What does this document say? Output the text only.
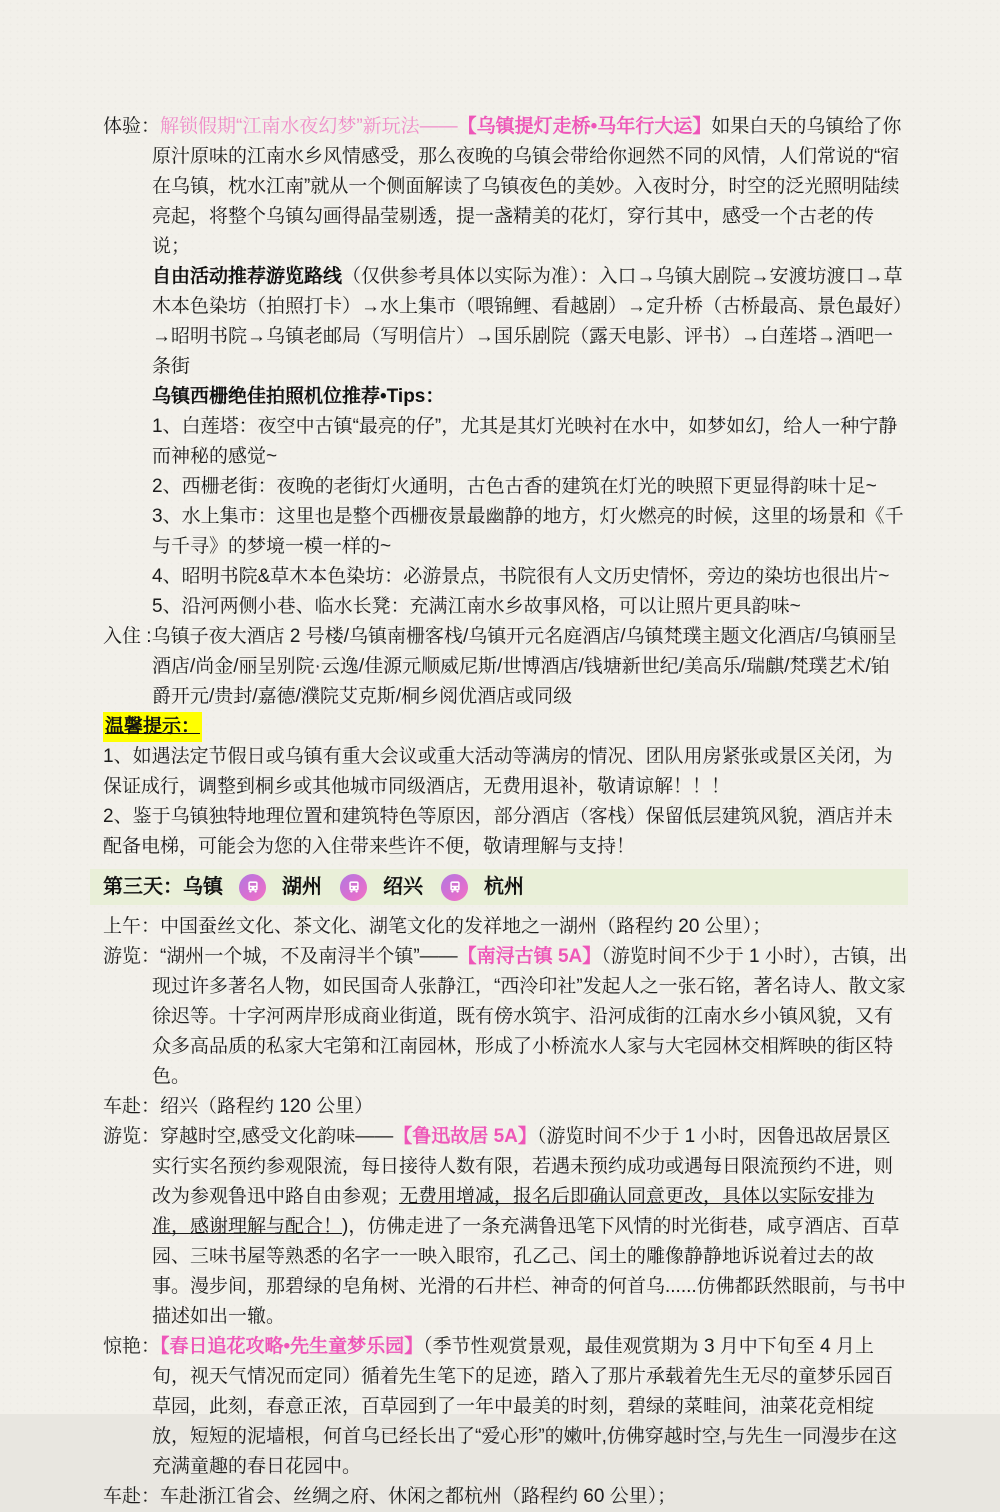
体验：解锁假期“江南水夜幻梦”新玩法——【乌镇提灯走桥•马年行大运】如果白天的乌镇给了你原汁原味的江南水乡风情感受，那么夜晚的乌镇会带给你迥然不同的风情，人们常说的“宿在乌镇，枕水江南”就从一个侧面解读了乌镇夜色的美妙。入夜时分，时空的泛光照明陆续亮起，将整个乌镇勾画得晶莹剔透，提一盏精美的花灯，穿行其中，感受一个古老的传说；

自由活动推荐游览路线（仅供参考具体以实际为准）：入口→乌镇大剧院→安渡坊渡口→草木本色染坊（拍照打卡）→水上集市（喂锦鲤、看越剧）→定升桥（古桥最高、景色最好）→昭明书院→乌镇老邮局（写明信片）→国乐剧院（露天电影、评书）→白莲塔→酒吧一条街

乌镇西栅绝佳拍照机位推荐•Tips：

1、白莲塔：夜空中古镇“最亮的仔”，尤其是其灯光映衬在水中，如梦如幻，给人一种宁静而神秘的感觉~

2、西栅老街：夜晚的老街灯火通明，古色古香的建筑在灯光的映照下更显得韵味十足~

3、水上集市：这里也是整个西栅夜景最幽静的地方，灯火燃亮的时候，这里的场景和《千与千寻》的梦境一模一样的~

4、昭明书院&草木本色染坊：必游景点，书院很有人文历史情怀，旁边的染坊也很出片~

5、沿河两侧小巷、临水长凳：充满江南水乡故事风格，可以让照片更具韵味~

入住 :乌镇子夜大酒店 2 号楼/乌镇南栅客栈/乌镇开元名庭酒店/乌镇梵璞主题文化酒店/乌镇丽呈酒店/尚金/丽呈别院·云逸/佳源元顺威尼斯/世博酒店/钱塘新世纪/美高乐/瑞麒/梵璞艺术/铂爵开元/贵封/嘉德/濮院艾克斯/桐乡阅优酒店或同级

温馨提示：

1、如遇法定节假日或乌镇有重大会议或重大活动等满房的情况、团队用房紧张或景区关闭，为保证成行，调整到桐乡或其他城市同级酒店，无费用退补，敬请谅解！！！

2、鉴于乌镇独特地理位置和建筑特色等原因，部分酒店（客栈）保留低层建筑风貌，酒店并未配备电梯，可能会为您的入住带来些许不便，敬请理解与支持！

第三天：乌镇	湖州	绍兴	杭州

上午：中国蚕丝文化、茶文化、湖笔文化的发祥地之一湖州（路程约 20 公里）；

游览：“湖州一个城，不及南浔半个镇”——【南浔古镇 5A】（游览时间不少于 1 小时），古镇，出现过许多著名人物，如民国奇人张静江，“西泠印社”发起人之一张石铭，著名诗人、散文家徐迟等。十字河两岸形成商业街道，既有傍水筑宇、沿河成街的江南水乡小镇风貌，又有众多高品质的私家大宅第和江南园林，形成了小桥流水人家与大宅园林交相辉映的街区特色。

车赴：绍兴（路程约 120 公里）

游览：穿越时空,感受文化韵味——【鲁迅故居 5A】（游览时间不少于 1 小时，因鲁迅故居景区实行实名预约参观限流，每日接待人数有限，若遇未预约成功或遇每日限流预约不进，则改为参观鲁迅中路自由参观；无费用增减，报名后即确认同意更改，具体以实际安排为准，感谢理解与配合！)，仿佛走进了一条充满鲁迅笔下风情的时光街巷，咸亨酒店、百草园、三味书屋等熟悉的名字一一映入眼帘，孔乙己、闰土的雕像静静地诉说着过去的故事。漫步间，那碧绿的皂角树、光滑的石井栏、神奇的何首乌......仿佛都跃然眼前，与书中描述如出一辙。

惊艳：【春日追花攻略•先生童梦乐园】（季节性观赏景观，最佳观赏期为 3 月中下旬至 4 月上旬，视天气情况而定同）循着先生笔下的足迹，踏入了那片承载着先生无尽的童梦乐园百草园，此刻，春意正浓，百草园到了一年中最美的时刻，碧绿的菜畦间，油菜花竞相绽放，短短的泥墙根，何首乌已经长出了“爱心形”的嫩叶,仿佛穿越时空,与先生一同漫步在这充满童趣的春日花园中。

车赴：车赴浙江省会、丝绸之府、休闲之都杭州（路程约 60 公里）；
